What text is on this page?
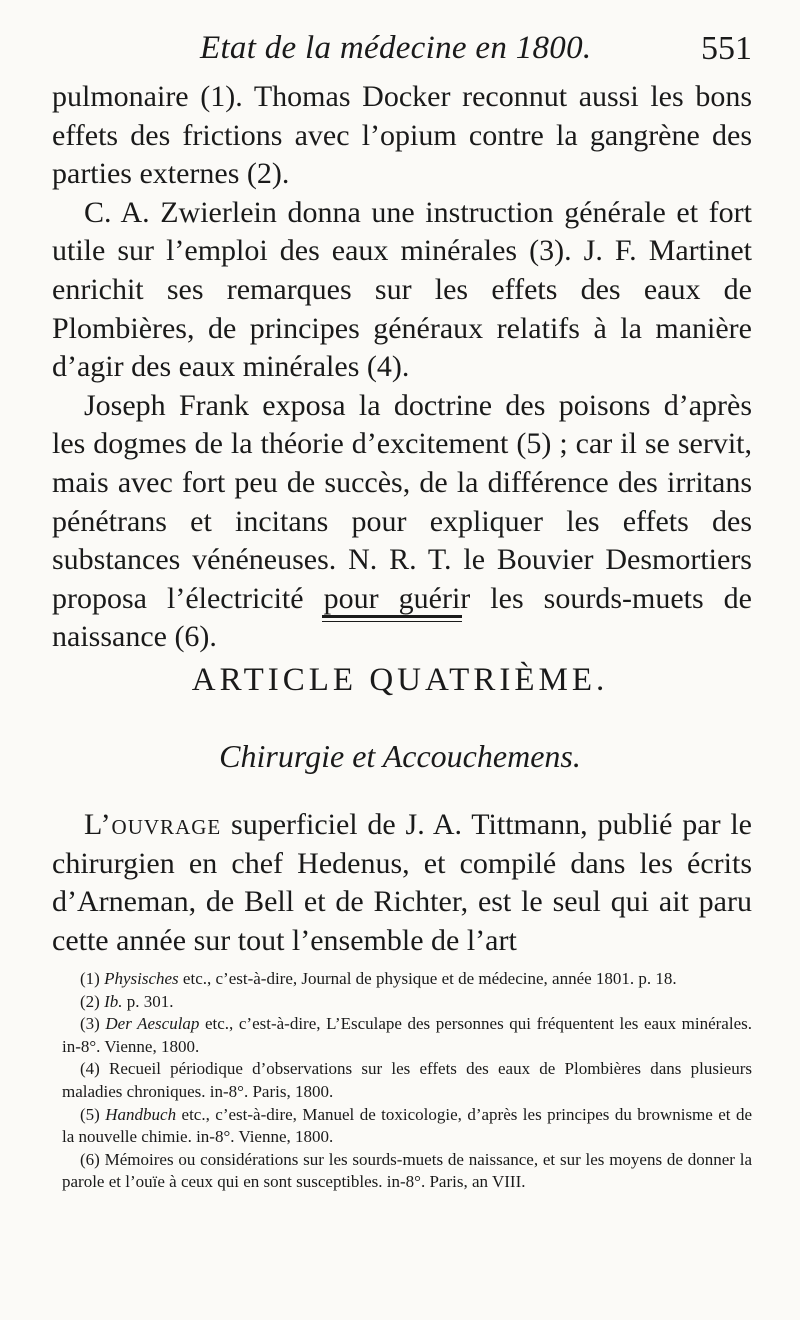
Etat de la médecine en 1800.	551

pulmonaire (1). Thomas Docker reconnut aussi les bons effets des frictions avec l’opium contre la gangrène des parties externes (2).

C. A. Zwierlein donna une instruction générale et fort utile sur l’emploi des eaux minérales (3). J. F. Martinet enrichit ses remarques sur les effets des eaux de Plombières, de principes généraux relatifs à la manière d’agir des eaux minérales (4).

Joseph Frank exposa la doctrine des poisons d’après les dogmes de la théorie d’excitement (5) ; car il se servit, mais avec fort peu de succès, de la différence des irritans pénétrans et incitans pour expliquer les effets des substances vénéneuses. N. R. T. le Bouvier Desmortiers proposa l’électricité pour guérir les sourds-muets de naissance (6).

ARTICLE QUATRIÈME.
Chirurgie et Accouchemens.

L’ouvrage superficiel de J. A. Tittmann, publié par le chirurgien en chef Hedenus, et compilé dans les écrits d’Arneman, de Bell et de Richter, est le seul qui ait paru cette année sur tout l’ensemble de l’art

(1) Physisches etc., c’est-à-dire, Journal de physique et de médecine, année 1801. p. 18.

(2) Ib. p. 301.

(3) Der Aesculap etc., c’est-à-dire, L’Esculape des personnes qui fréquentent les eaux minérales. in-8°. Vienne, 1800.

(4) Recueil périodique d’observations sur les effets des eaux de Plombières dans plusieurs maladies chroniques. in-8°. Paris, 1800.

(5) Handbuch etc., c’est-à-dire, Manuel de toxicologie, d’après les principes du brownisme et de la nouvelle chimie. in-8°. Vienne, 1800.

(6) Mémoires ou considérations sur les sourds-muets de naissance, et sur les moyens de donner la parole et l’ouïe à ceux qui en sont susceptibles. in-8°. Paris, an VIII.
